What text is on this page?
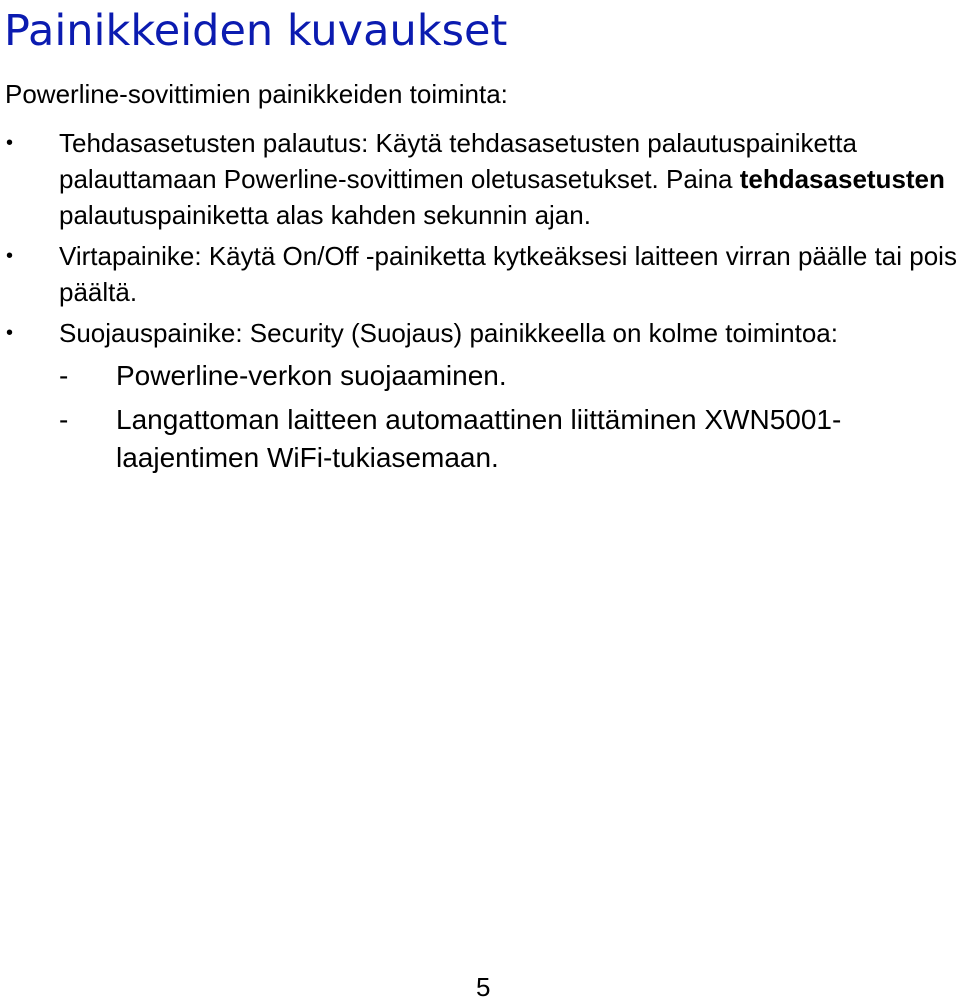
Painikkeiden kuvaukset

Powerline-sovittimien painikkeiden toiminta:

•	Tehdasasetusten palautus: Käytä tehdasasetusten palautuspainiketta palauttamaan Powerline-sovittimen oletusasetukset. Paina tehdasasetusten palautuspainiketta alas kahden sekunnin ajan.
•	Virtapainike: Käytä On/Off -painiketta kytkeäksesi laitteen virran päälle tai pois päältä.
•	Suojauspainike: Security (Suojaus) painikkeella on kolme toimintoa:
-	Powerline-verkon suojaaminen.
-	Langattoman laitteen automaattinen liittäminen XWN5001-laajentimen WiFi-tukiasemaan.
5
